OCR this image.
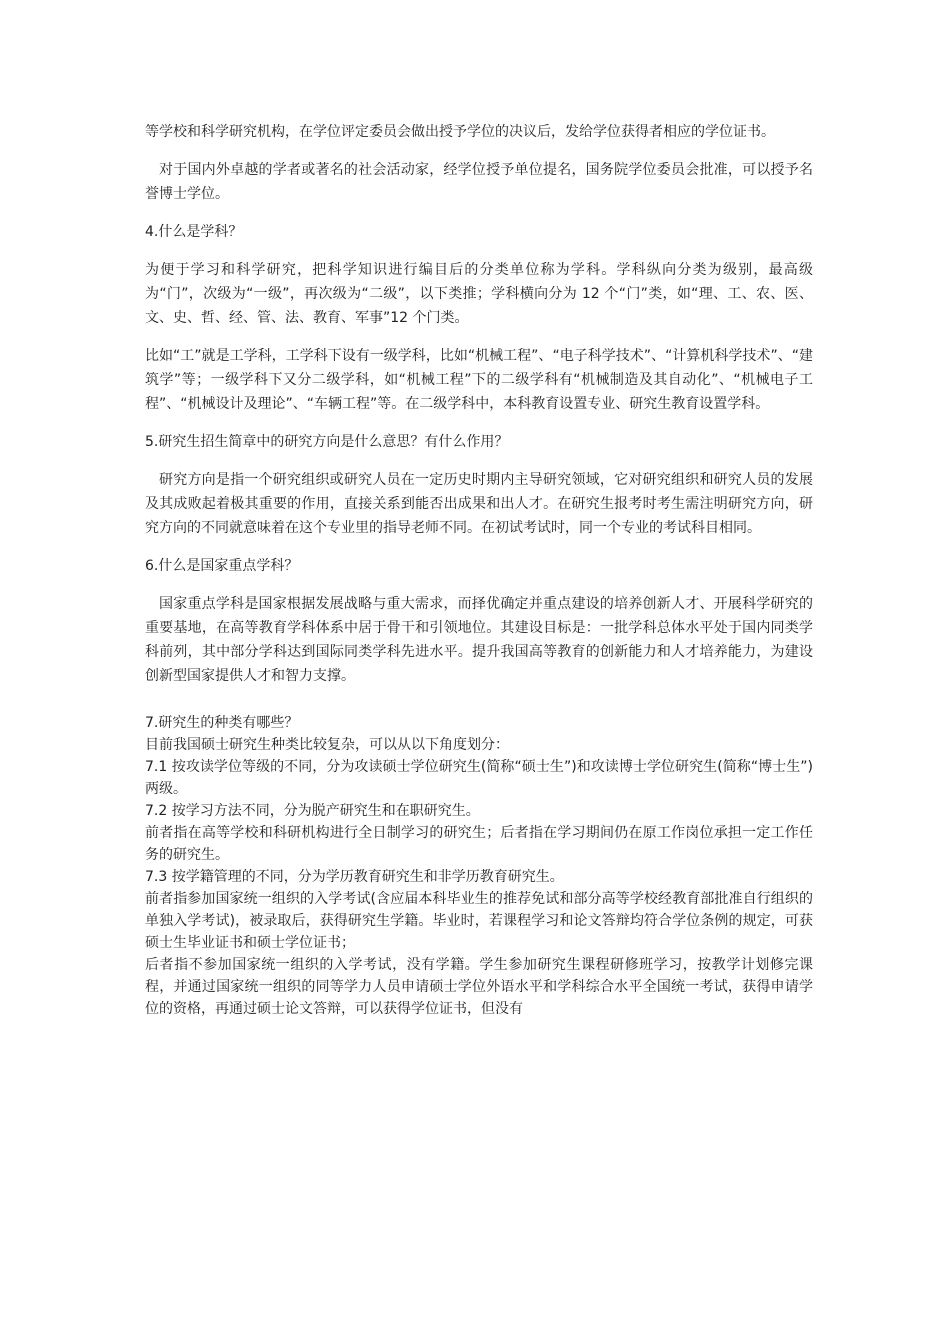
等学校和科学研究机构，在学位评定委员会做出授予学位的决议后，发给学位获得者相应的学位证书。

对于国内外卓越的学者或著名的社会活动家，经学位授予单位提名，国务院学位委员会批准，可以授予名誉博士学位。

4.什么是学科？

为便于学习和科学研究，把科学知识进行编目后的分类单位称为学科。学科纵向分类为级别，最高级为“门”，次级为“一级”，再次级为“二级”，以下类推；学科横向分为 12 个“门”类，如“理、工、农、医、文、史、哲、经、管、法、教育、军事”12 个门类。

比如“工”就是工学科，工学科下设有一级学科，比如“机械工程”、“电子科学技术”、“计算机科学技术”、“建筑学”等；一级学科下又分二级学科，如“机械工程”下的二级学科有“机械制造及其自动化”、“机械电子工程”、“机械设计及理论”、“车辆工程”等。在二级学科中，本科教育设置专业、研究生教育设置学科。

5.研究生招生简章中的研究方向是什么意思？有什么作用？

研究方向是指一个研究组织或研究人员在一定历史时期内主导研究领域，它对研究组织和研究人员的发展及其成败起着极其重要的作用，直接关系到能否出成果和出人才。在研究生报考时考生需注明研究方向，研究方向的不同就意味着在这个专业里的指导老师不同。在初试考试时，同一个专业的考试科目相同。

6.什么是国家重点学科？

国家重点学科是国家根据发展战略与重大需求，而择优确定并重点建设的培养创新人才、开展科学研究的重要基地，在高等教育学科体系中居于骨干和引领地位。其建设目标是：一批学科总体水平处于国内同类学科前列，其中部分学科达到国际同类学科先进水平。提升我国高等教育的创新能力和人才培养能力，为建设创新型国家提供人才和智力支撑。

7.研究生的种类有哪些？

目前我国硕士研究生种类比较复杂，可以从以下角度划分：

7.1 按攻读学位等级的不同，分为攻读硕士学位研究生(简称“硕士生”)和攻读博士学位研究生(简称“博士生”)两级。

7.2 按学习方法不同，分为脱产研究生和在职研究生。

前者指在高等学校和科研机构进行全日制学习的研究生；后者指在学习期间仍在原工作岗位承担一定工作任务的研究生。

7.3 按学籍管理的不同，分为学历教育研究生和非学历教育研究生。

前者指参加国家统一组织的入学考试(含应届本科毕业生的推荐免试和部分高等学校经教育部批准自行组织的单独入学考试)，被录取后，获得研究生学籍。毕业时，若课程学习和论文答辩均符合学位条例的规定，可获硕士生毕业证书和硕士学位证书；

后者指不参加国家统一组织的入学考试，没有学籍。学生参加研究生课程研修班学习，按教学计划修完课程，并通过国家统一组织的同等学力人员申请硕士学位外语水平和学科综合水平全国统一考试，获得申请学位的资格，再通过硕士论文答辩，可以获得学位证书，但没有
